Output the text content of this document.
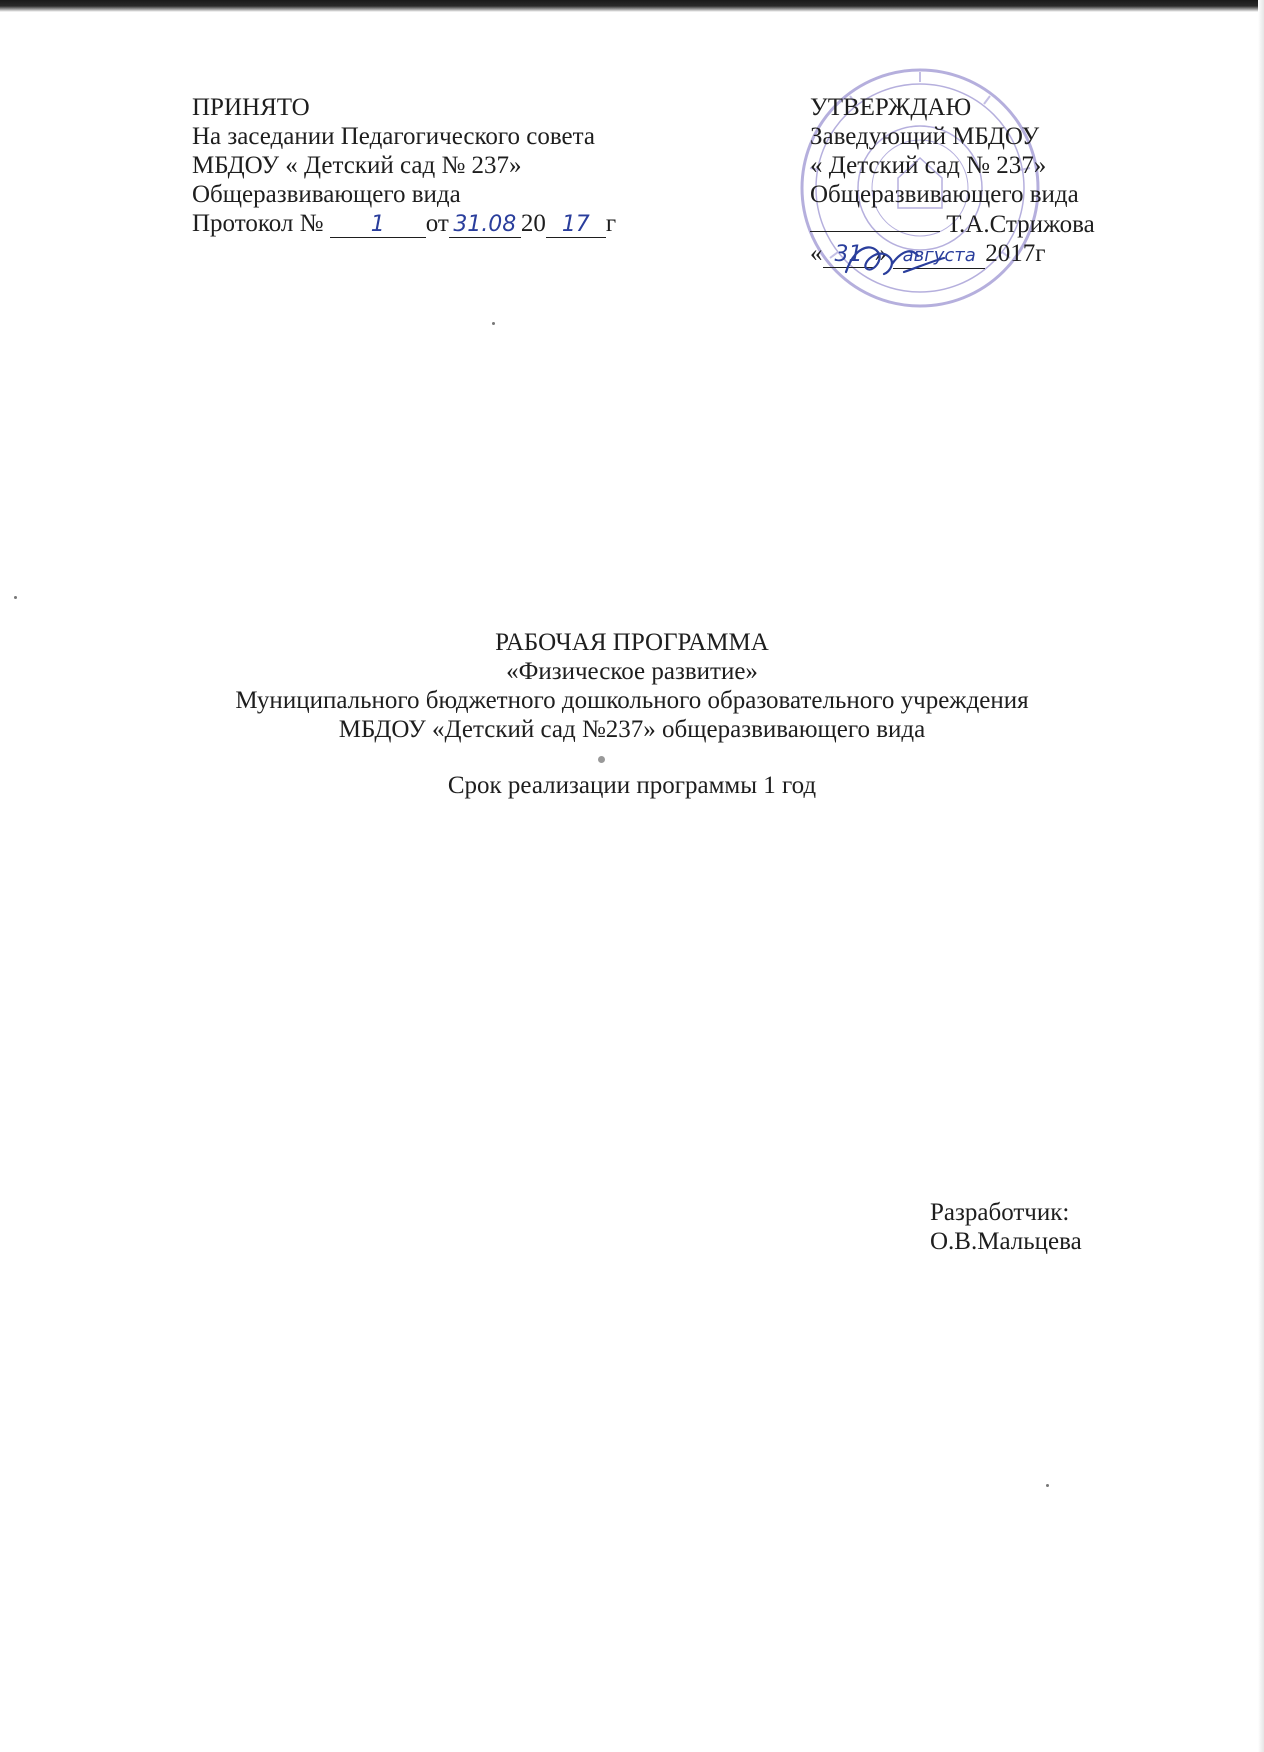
ПРИНЯТО
На заседании Педагогического совета
МБДОУ « Детский сад № 237»
Общеразвивающего вида
Протокол № 1 от 31.08 20 17 г
УТВЕРЖДАЮ
Заведующий МБДОУ
« Детский сад № 237»
Общеразвивающего вида
Т.А.Стрижова
« 31 » августа 2017г
РАБОЧАЯ ПРОГРАММА
«Физическое развитие»
Муниципального бюджетного дошкольного образовательного учреждения
МБДОУ «Детский сад №237» общеразвивающего вида
Срок реализации программы 1 год
Разработчик:
О.В.Мальцева
